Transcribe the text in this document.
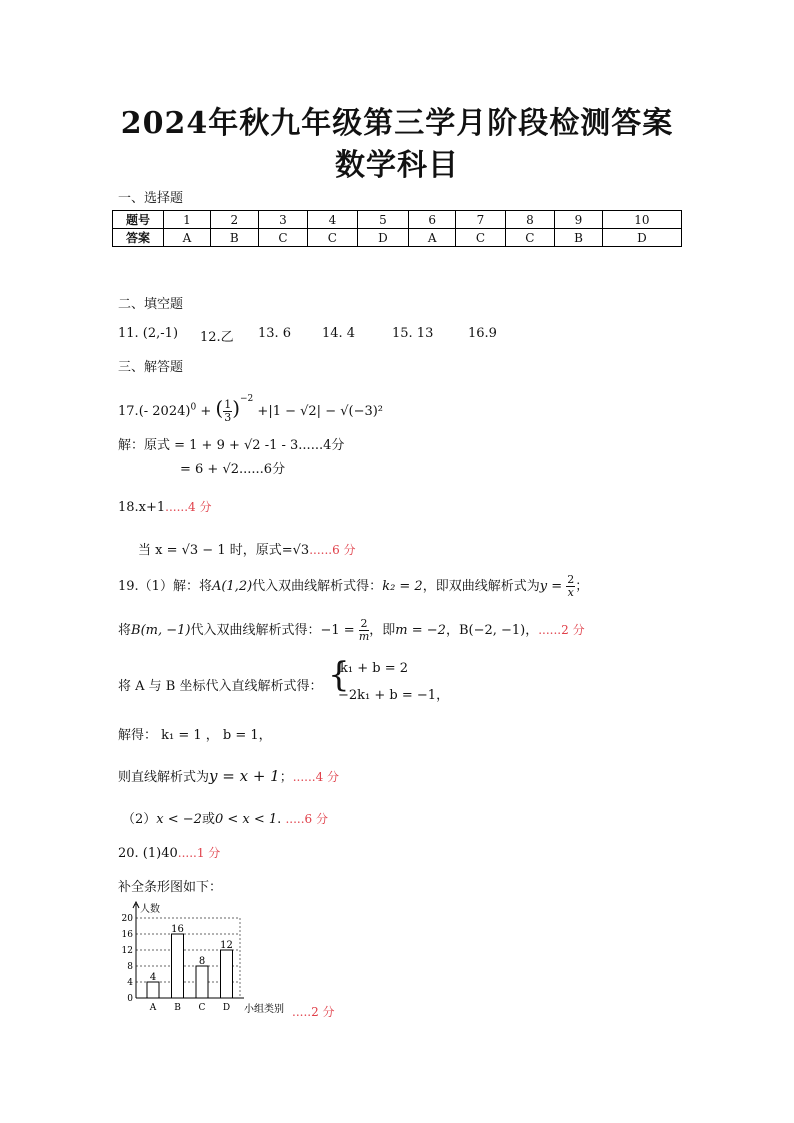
2024年秋九年级第三学月阶段检测答案
数学科目
一、选择题
题号	1	2	3	4	5	6	7	8	9	10
答案	A	B	C	C	D	A	C	C	B	D
二、填空题
11. (2,-1) 12.乙 13. 6 14. 4	15. 13	16.9
三、解答题
17.(- 2024)$^0$ + ( $\frac{1}{3} )^{-2} +|1 - √2| - √(-3)^2$
解：原式 = 1 + 9 + √2 -1 - 3......4分
= 6 + √2......6分
18.x+1......4 分
当 x = √3 − 1 时，原式=√3......6 分
19.（1）解：将A(1,2)代入双曲线解析式得：k₂ = 2，即双曲线解析式为$y = \frac{2}{x}$ ；
将B(m, −1)代入双曲线解析式得：$-1 = \frac{2}{m}$ ，即m = −2，B(−2, −1)，......2 分
将 A 与 B 坐标代入直线解析式得： {
k₁ + b = 2
−2k₁ + b = −1，
解得： k₁ = 1 ， b = 1，
则直线解析式为y = x + 1；......4 分
（2）x < −2或0 < x < 1. .....6 分
20. (1)40.....1 分
补全条形图如下：
0
4
8
12
16
20
人数
小组类别
4
A
16
B
8
C
12
D	.....2 分
